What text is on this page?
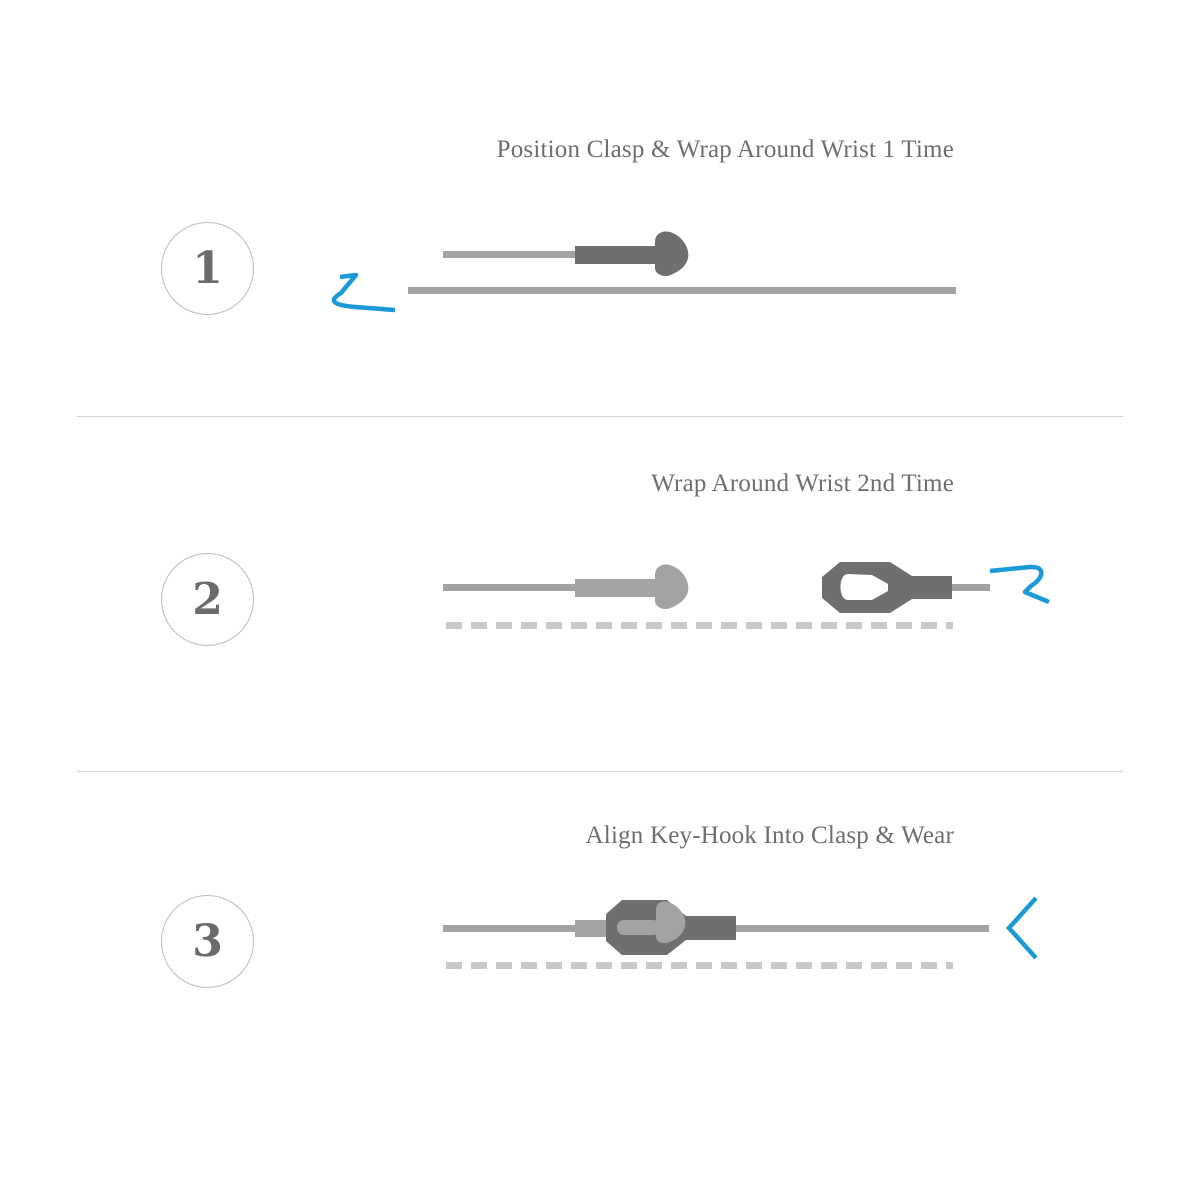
Position Clasp & Wrap Around Wrist 1 Time
1
Wrap Around Wrist 2nd Time
2
Align Key-Hook Into Clasp & Wear
3
